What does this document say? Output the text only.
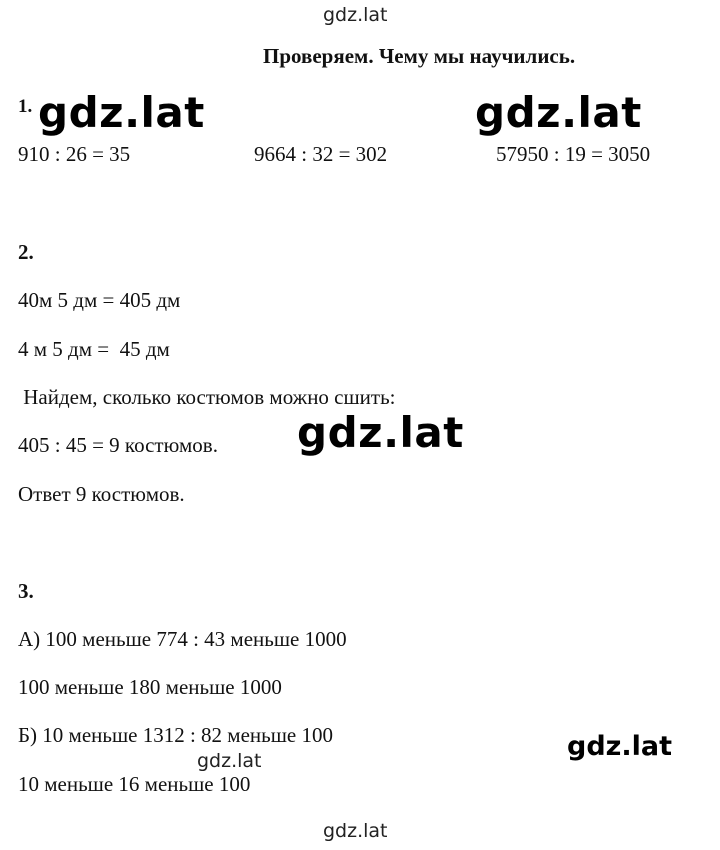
gdz.lat
gdz.lat	gdz.lat
gdz.lat
gdz.lat
gdz.lat
gdz.lat
Проверяем. Чему мы научились.
1.
910 : 26 = 35	9664 : 32 = 302	57950 : 19 = 3050
2.
40м 5 дм = 405 дм
4 м 5 дм =  45 дм
Найдем, сколько костюмов можно сшить:
405 : 45 = 9 костюмов.
Ответ 9 костюмов.
3.
А) 100 меньше 774 : 43 меньше 1000
100 меньше 180 меньше 1000
Б) 10 меньше 1312 : 82 меньше 100
10 меньше 16 меньше 100
